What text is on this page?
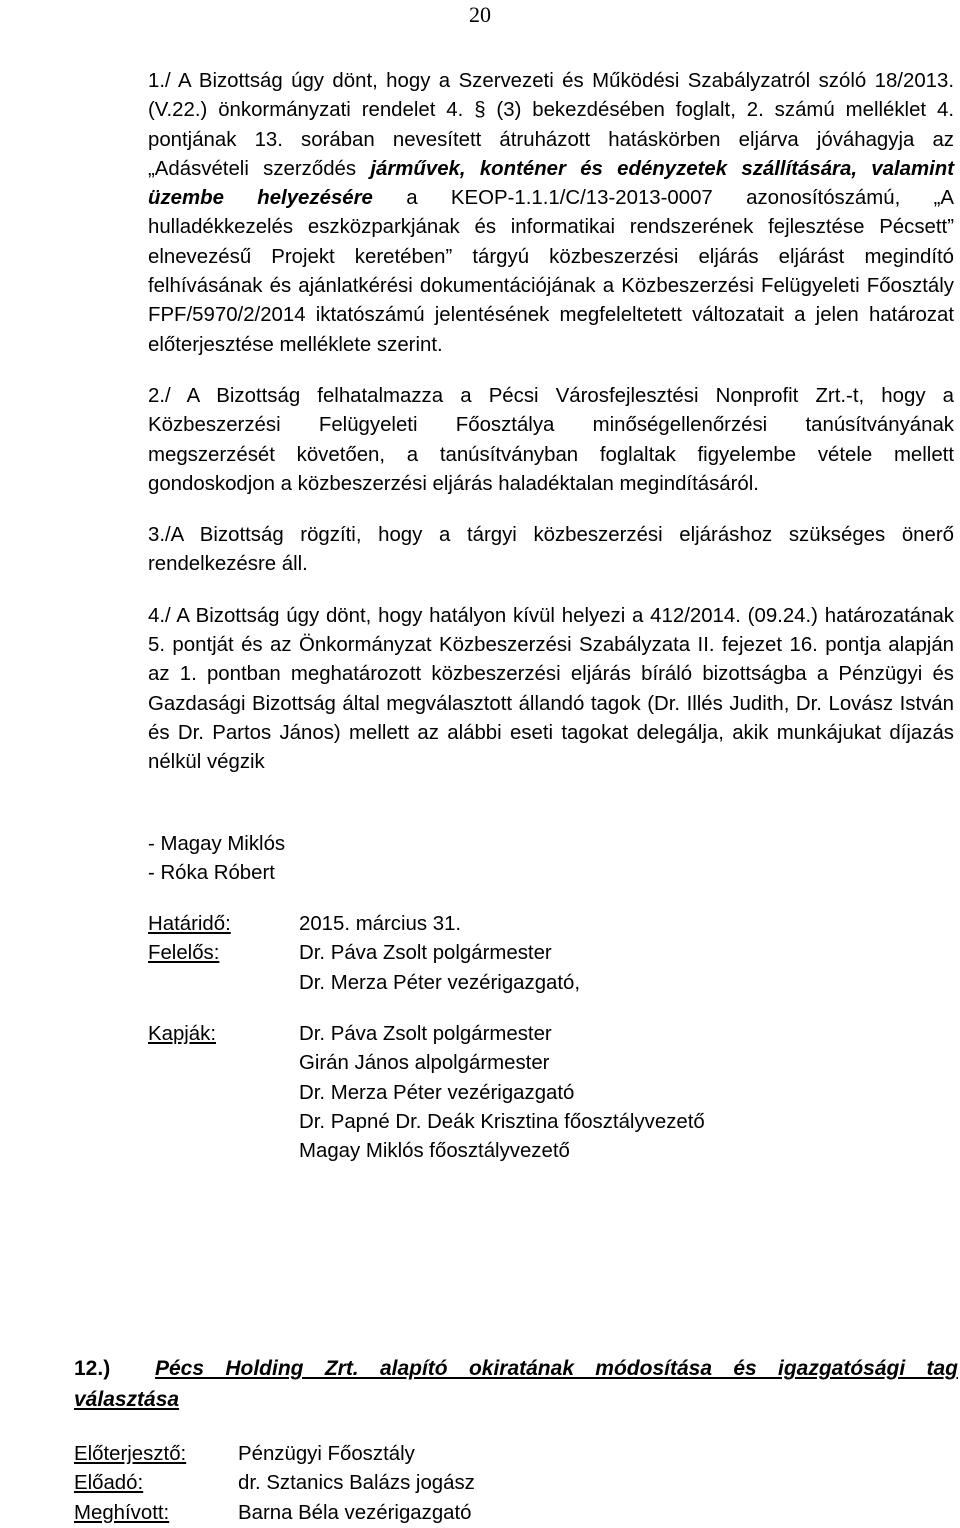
20

1./ A Bizottság úgy dönt, hogy a Szervezeti és Működési Szabályzatról szóló 18/2013.(V.22.) önkormányzati rendelet 4. § (3) bekezdésében foglalt, 2. számú melléklet 4. pontjának 13. sorában nevesített átruházott hatáskörben eljárva jóváhagyja az „Adásvételi szerződés járművek, konténer és edényzetek szállítására, valamint üzembe helyezésére a KEOP-1.1.1/C/13-2013-0007 azonosítószámú, „A hulladékkezelés eszközparkjának és informatikai rendszerének fejlesztése Pécsett” elnevezésű Projekt keretében” tárgyú közbeszerzési eljárás eljárást megindító felhívásának és ajánlatkérési dokumentációjának a Közbeszerzési Felügyeleti Főosztály FPF/5970/2/2014 iktatószámú jelentésének megfeleltetett változatait a jelen határozat előterjesztése melléklete szerint.

2./ A Bizottság felhatalmazza a Pécsi Városfejlesztési Nonprofit Zrt.-t, hogy a Közbeszerzési Felügyeleti Főosztálya minőségellenőrzési tanúsítványának megszerzését követően, a tanúsítványban foglaltak figyelembe vétele mellett gondoskodjon a közbeszerzési eljárás haladéktalan megindításáról.

3./A Bizottság rögzíti, hogy a tárgyi közbeszerzési eljáráshoz szükséges önerő rendelkezésre áll.

4./ A Bizottság úgy dönt, hogy hatályon kívül helyezi a 412/2014. (09.24.) határozatának 5. pontját és az Önkormányzat Közbeszerzési Szabályzata II. fejezet 16. pontja alapján az 1. pontban meghatározott közbeszerzési eljárás bíráló bizottságba a Pénzügyi és Gazdasági Bizottság által megválasztott állandó tagok (Dr. Illés Judith, Dr. Lovász István és Dr. Partos János) mellett az alábbi eseti tagokat delegálja, akik munkájukat díjazás nélkül végzik

- Magay Miklós

- Róka Róbert

Határidő:	2015. március 31.
Felelős:	Dr. Páva Zsolt polgármester
Dr. Merza Péter vezérigazgató,
Kapják:	Dr. Páva Zsolt polgármester
Girán János alpolgármester
Dr. Merza Péter vezérigazgató
Dr. Papné Dr. Deák Krisztina főosztályvezető
Magay Miklós főosztályvezető
12.)	Pécs Holding Zrt. alapító okiratának módosítása és igazgatósági tag
választása
Előterjesztő:	Pénzügyi Főosztály
Előadó:	dr. Sztanics Balázs jogász
Meghívott:	Barna Béla vezérigazgató
